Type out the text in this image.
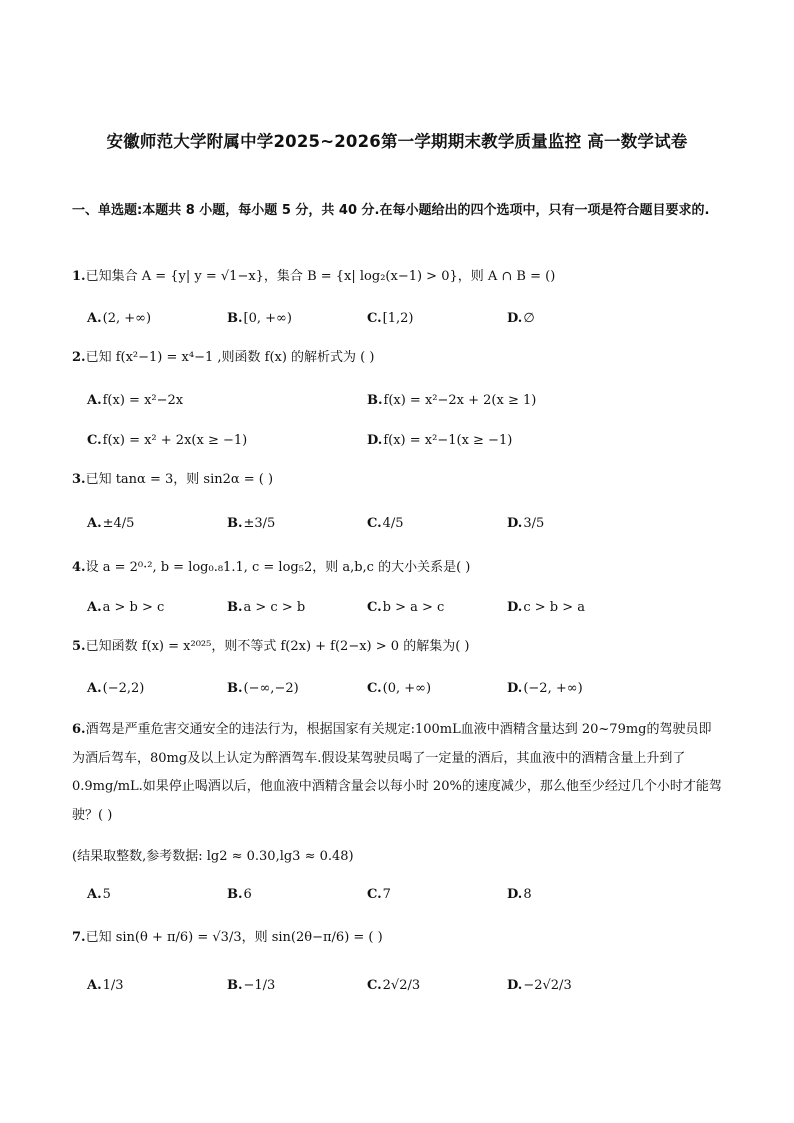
安徽师范大学附属中学2025~2026第一学期期末教学质量监控 高一数学试卷

一、单选题:本题共 8 小题，每小题 5 分，共 40 分.在每小题给出的四个选项中，只有一项是符合题目要求的.

1.已知集合 A = {y| y = √1−x}，集合 B = {x| log₂(x−1) > 0}，则 A ∩ B = ()
A.(2, +∞)	B.[0, +∞)	C.[1,2)	D.∅
2.已知 f(x²−1) = x⁴−1 ,则函数 f(x) 的解析式为 ( )
A.f(x) = x²−2x	B.f(x) = x²−2x + 2(x ≥ 1)
C.f(x) = x² + 2x(x ≥ −1)	D.f(x) = x²−1(x ≥ −1)
3.已知 tanα = 3，则 sin2α = ( )
A.±4/5	B.±3/5	C.4/5	D.3/5
4.设 a = 2⁰·², b = log₀.₈1.1, c = log₅2，则 a,b,c 的大小关系是( )
A.a > b > c	B.a > c > b	C.b > a > c	D.c > b > a
5.已知函数 f(x) = x²⁰²⁵，则不等式 f(2x) + f(2−x) > 0 的解集为( )
A.(−2,2)	B.(−∞,−2)	C.(0, +∞)	D.(−2, +∞)
6.酒驾是严重危害交通安全的违法行为，根据国家有关规定:100mL血液中酒精含量达到 20~79mg的驾驶员即为酒后驾车，80mg及以上认定为醉酒驾车.假设某驾驶员喝了一定量的酒后，其血液中的酒精含量上升到了 0.9mg/mL.如果停止喝酒以后，他血液中酒精含量会以每小时 20%的速度减少，那么他至少经过几个小时才能驾驶？( )
(结果取整数,参考数据: lg2 ≈ 0.30,lg3 ≈ 0.48)
A.5	B.6	C.7	D.8
7.已知 sin(θ + π/6) = √3/3，则 sin(2θ−π/6) = ( )
A.1/3	B.−1/3	C.2√2/3	D.−2√2/3
